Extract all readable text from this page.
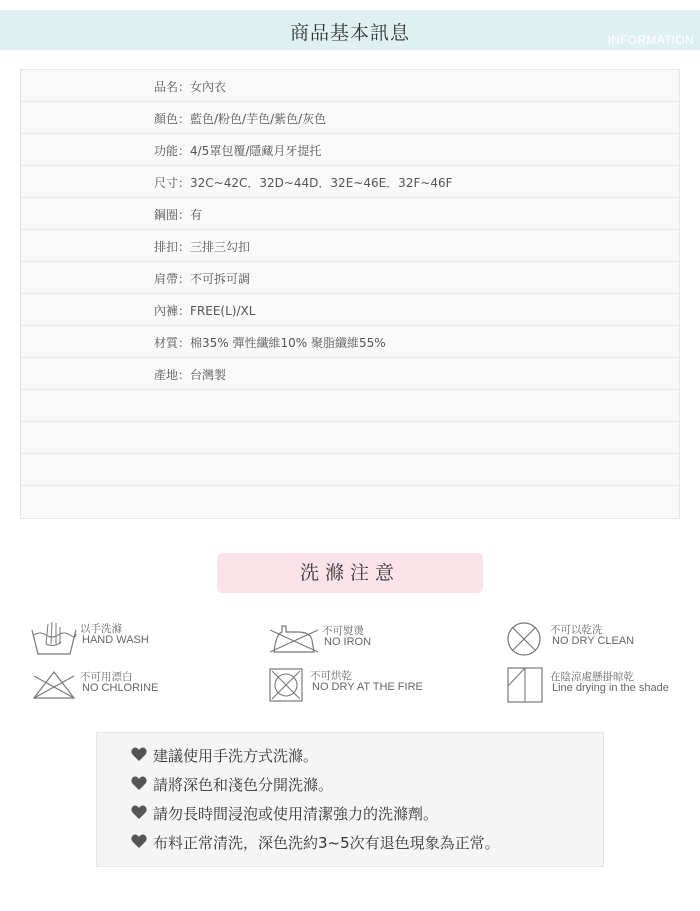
商品基本訊息	INFORMATION
品名：女內衣
顏色：藍色/粉色/芋色/紫色/灰色
功能：4/5罩包覆/隱藏月牙提托
尺寸：32C~42C．32D~44D．32E~46E．32F~46F
鋼圈：有
排扣：三排三勾扣
肩帶：不可拆可調
內褲：FREE(L)/XL
材質：棉35% 彈性纖維10% 聚脂纖維55%
產地：台灣製
洗滌注意
以手洗滌
HAND WASH
不可熨燙
NO IRON
不可以乾洗
NO DRY CLEAN
不可用漂白
NO CHLORINE
不可烘乾
NO DRY AT THE FIRE
在陰涼處懸掛晾乾
Line drying in the shade
建議使用手洗方式洗滌。
請將深色和淺色分開洗滌。
請勿長時間浸泡或使用清潔強力的洗滌劑。
布料正常清洗，深色洗約3~5次有退色現象為正常。
